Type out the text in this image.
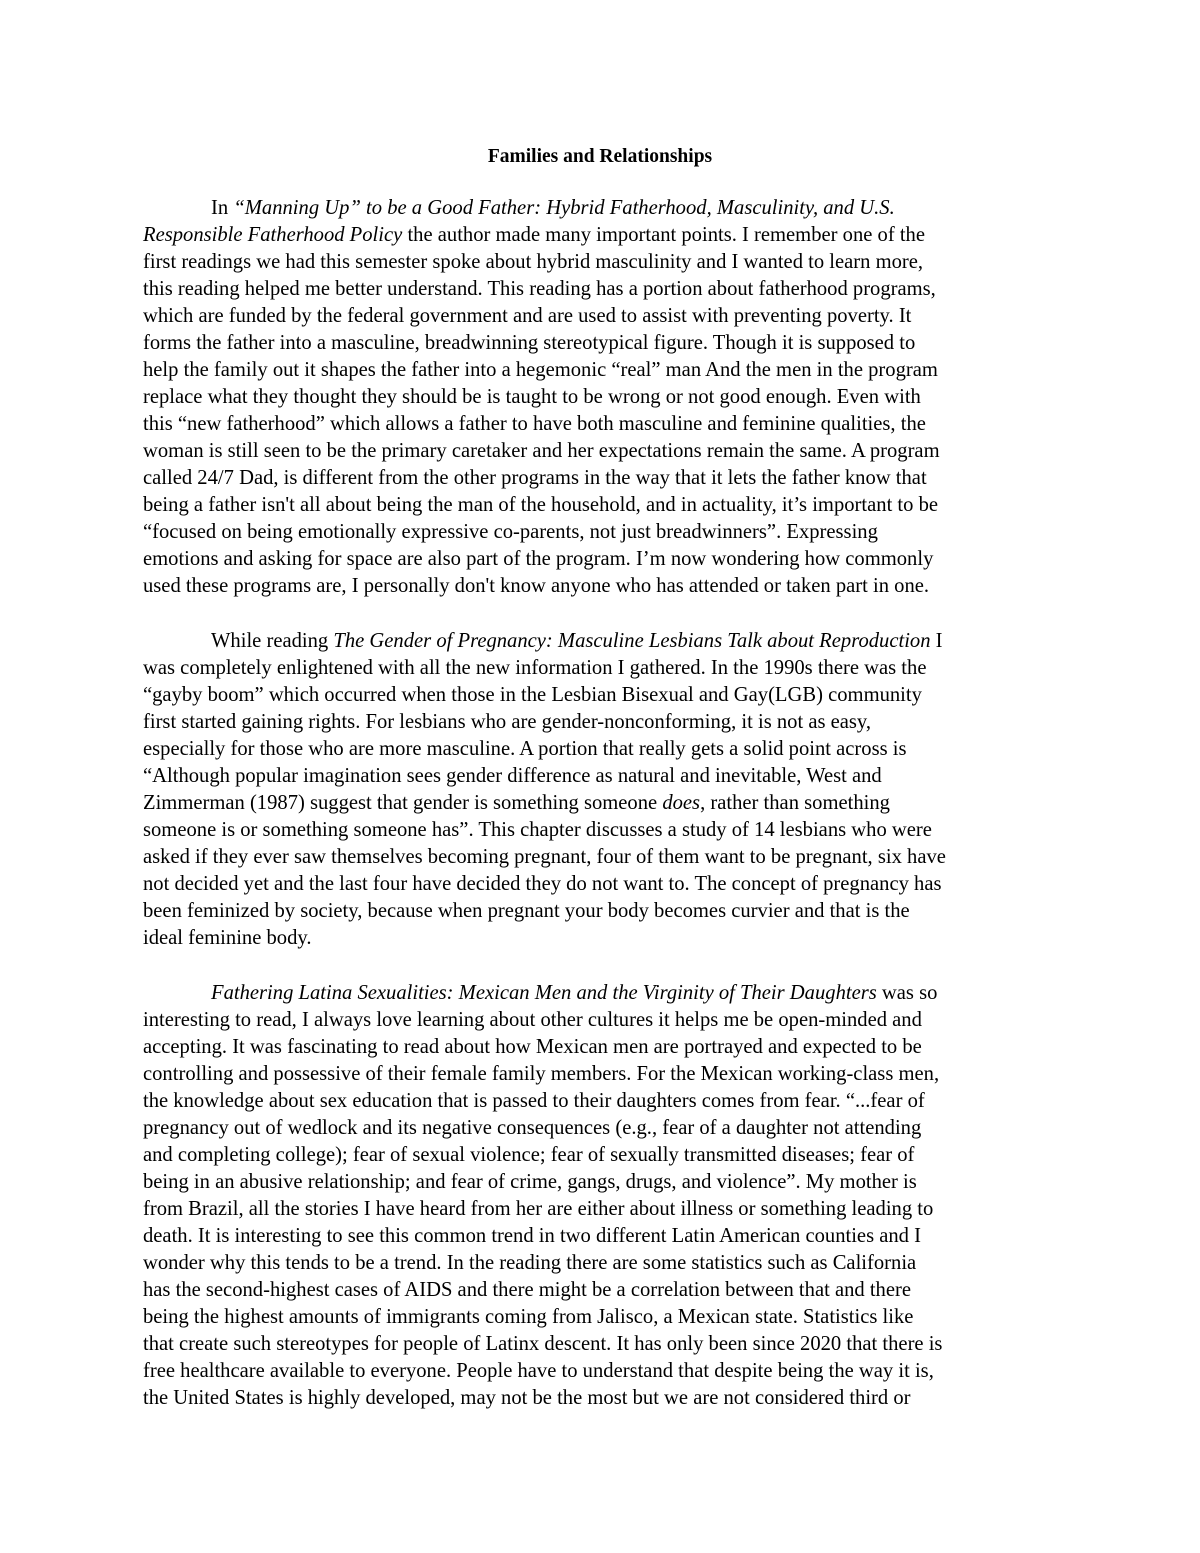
Families and Relationships
In “Manning Up” to be a Good Father: Hybrid Fatherhood, Masculinity, and U.S.
Responsible Fatherhood Policy the author made many important points. I remember one of the
first readings we had this semester spoke about hybrid masculinity and I wanted to learn more,
this reading helped me better understand. This reading has a portion about fatherhood programs,
which are funded by the federal government and are used to assist with preventing poverty. It
forms the father into a masculine, breadwinning stereotypical figure. Though it is supposed to
help the family out it shapes the father into a hegemonic “real” man And the men in the program
replace what they thought they should be is taught to be wrong or not good enough. Even with
this “new fatherhood” which allows a father to have both masculine and feminine qualities, the
woman is still seen to be the primary caretaker and her expectations remain the same. A program
called 24/7 Dad, is different from the other programs in the way that it lets the father know that
being a father isn't all about being the man of the household, and in actuality, it’s important to be
“focused on being emotionally expressive co-parents, not just breadwinners”. Expressing
emotions and asking for space are also part of the program. I’m now wondering how commonly
used these programs are, I personally don't know anyone who has attended or taken part in one.
While reading The Gender of Pregnancy: Masculine Lesbians Talk about Reproduction I
was completely enlightened with all the new information I gathered. In the 1990s there was the
“gayby boom” which occurred when those in the Lesbian Bisexual and Gay(LGB) community
first started gaining rights. For lesbians who are gender-nonconforming, it is not as easy,
especially for those who are more masculine. A portion that really gets a solid point across is
“Although popular imagination sees gender difference as natural and inevitable, West and
Zimmerman (1987) suggest that gender is something someone does, rather than something
someone is or something someone has”. This chapter discusses a study of 14 lesbians who were
asked if they ever saw themselves becoming pregnant, four of them want to be pregnant, six have
not decided yet and the last four have decided they do not want to. The concept of pregnancy has
been feminized by society, because when pregnant your body becomes curvier and that is the
ideal feminine body.
Fathering Latina Sexualities: Mexican Men and the Virginity of Their Daughters was so
interesting to read, I always love learning about other cultures it helps me be open-minded and
accepting. It was fascinating to read about how Mexican men are portrayed and expected to be
controlling and possessive of their female family members. For the Mexican working-class men,
the knowledge about sex education that is passed to their daughters comes from fear. “...fear of
pregnancy out of wedlock and its negative consequences (e.g., fear of a daughter not attending
and completing college); fear of sexual violence; fear of sexually transmitted diseases; fear of
being in an abusive relationship; and fear of crime, gangs, drugs, and violence”. My mother is
from Brazil, all the stories I have heard from her are either about illness or something leading to
death. It is interesting to see this common trend in two different Latin American counties and I
wonder why this tends to be a trend. In the reading there are some statistics such as California
has the second-highest cases of AIDS and there might be a correlation between that and there
being the highest amounts of immigrants coming from Jalisco, a Mexican state. Statistics like
that create such stereotypes for people of Latinx descent. It has only been since 2020 that there is
free healthcare available to everyone. People have to understand that despite being the way it is,
the United States is highly developed, may not be the most but we are not considered third or
